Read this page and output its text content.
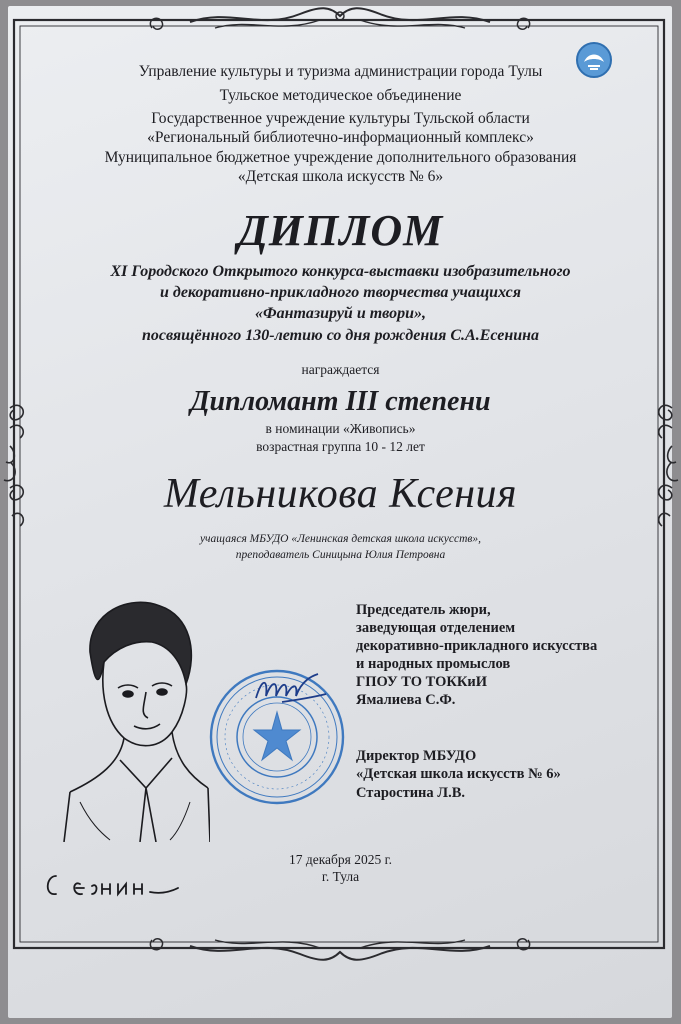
Управление культуры и туризма администрации города Тулы
Тульское методическое объединение
Государственное учреждение культуры Тульской области
«Региональный библиотечно-информационный комплекс»
Муниципальное бюджетное учреждение дополнительного образования
«Детская школа искусств № 6»
ДИПЛОМ
XI Городского Открытого конкурса-выставки изобразительного
и декоративно-прикладного творчества учащихся
«Фантазируй и твори»,
посвящённого 130-летию со дня рождения С.А.Есенина
награждается
Дипломант III степени
в номинации «Живопись»
возрастная группа 10 - 12 лет
Мельникова Ксения
учащаяся МБУДО «Ленинская детская школа искусств»,
преподаватель Синицына Юлия Петровна
Председатель жюри,
заведующая отделением
декоративно-прикладного искусства
и народных промыслов
ГПОУ ТО ТОККиИ
Ямалиева С.Ф.
Директор МБУДО
«Детская школа искусств № 6»
Старостина Л.В.
17 декабря 2025 г.
г. Тула
